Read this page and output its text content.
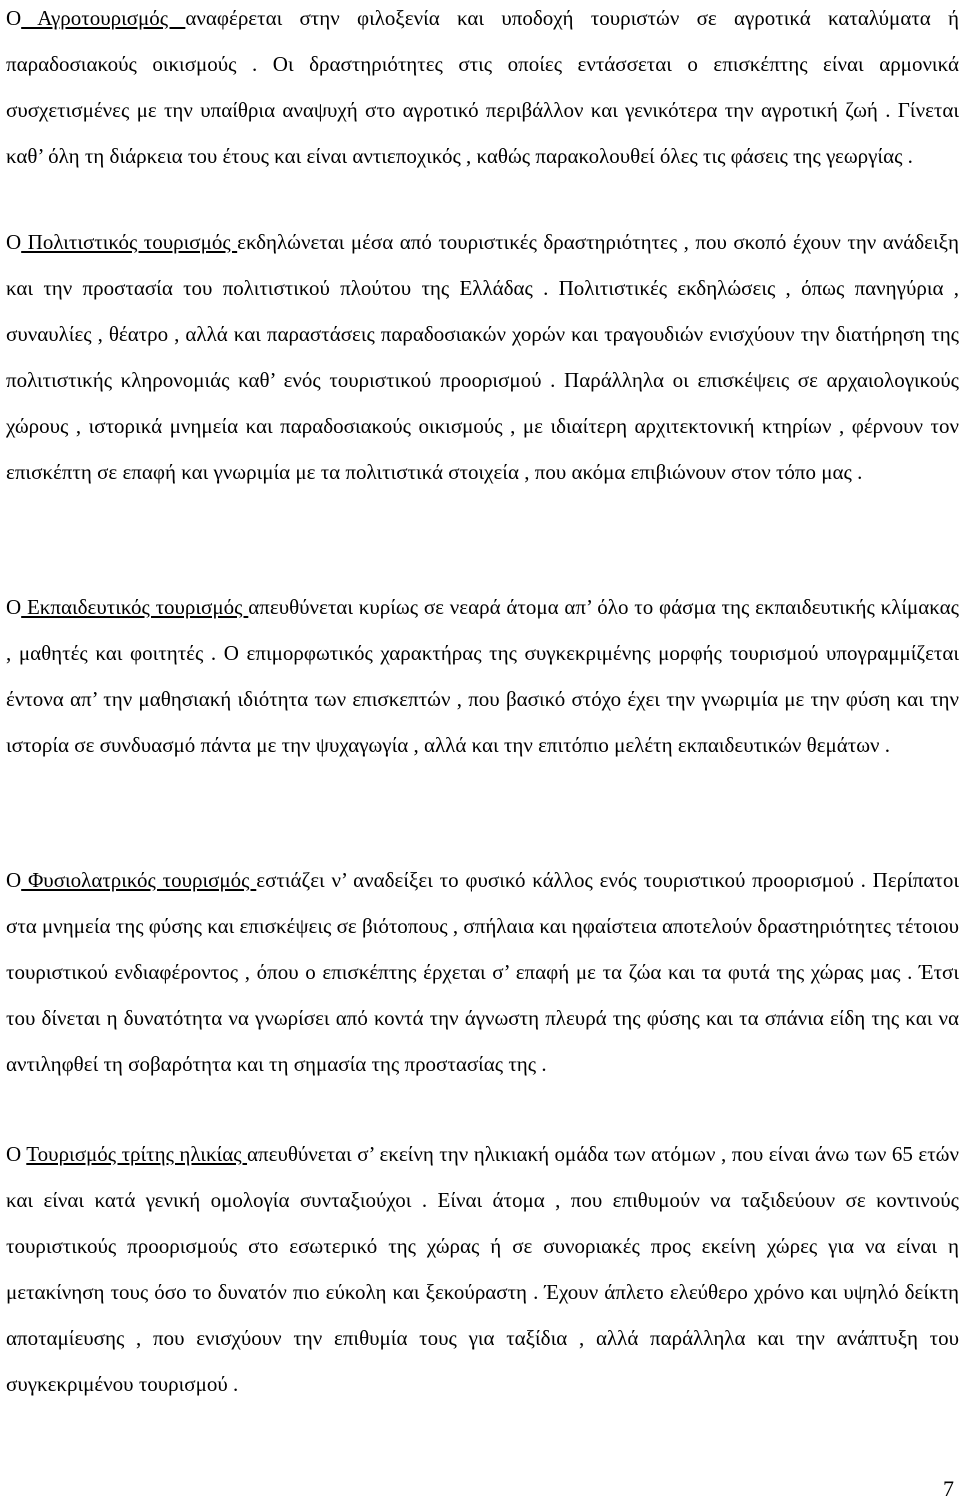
Ο Αγροτουρισμός αναφέρεται στην φιλοξενία και υποδοχή τουριστών σε αγροτικά καταλύματα ή παραδοσιακούς οικισμούς . Οι δραστηριότητες στις οποίες εντάσσεται ο επισκέπτης είναι αρμονικά συσχετισμένες με την υπαίθρια αναψυχή στο αγροτικό περιβάλλον και γενικότερα την αγροτική ζωή . Γίνεται καθ’ όλη τη διάρκεια του έτους και είναι αντιεποχικός , καθώς παρακολουθεί όλες τις φάσεις της γεωργίας .

Ο Πολιτιστικός τουρισμός εκδηλώνεται μέσα από τουριστικές δραστηριότητες , που σκοπό έχουν την ανάδειξη και την προστασία του πολιτιστικού πλούτου της Ελλάδας . Πολιτιστικές εκδηλώσεις , όπως πανηγύρια , συναυλίες , θέατρο , αλλά και παραστάσεις παραδοσιακών χορών και τραγουδιών ενισχύουν την διατήρηση της πολιτιστικής κληρονομιάς καθ’ ενός τουριστικού προορισμού . Παράλληλα οι επισκέψεις σε αρχαιολογικούς χώρους , ιστορικά μνημεία και παραδοσιακούς οικισμούς , με ιδιαίτερη αρχιτεκτονική κτηρίων , φέρνουν τον επισκέπτη σε επαφή και γνωριμία με τα πολιτιστικά στοιχεία , που ακόμα επιβιώνουν στον τόπο μας .

Ο Εκπαιδευτικός τουρισμός απευθύνεται κυρίως σε νεαρά άτομα απ’ όλο το φάσμα της εκπαιδευτικής κλίμακας , μαθητές και φοιτητές . Ο επιμορφωτικός χαρακτήρας της συγκεκριμένης μορφής τουρισμού υπογραμμίζεται έντονα απ’ την μαθησιακή ιδιότητα των επισκεπτών , που βασικό στόχο έχει την γνωριμία με την φύση και την ιστορία σε συνδυασμό πάντα με την ψυχαγωγία , αλλά και την επιτόπιο μελέτη εκπαιδευτικών θεμάτων .

Ο Φυσιολατρικός τουρισμός εστιάζει ν’ αναδείξει το φυσικό κάλλος ενός τουριστικού προορισμού . Περίπατοι στα μνημεία της φύσης και επισκέψεις σε βιότοπους , σπήλαια και ηφαίστεια αποτελούν δραστηριότητες τέτοιου τουριστικού ενδιαφέροντος , όπου ο επισκέπτης έρχεται σ’ επαφή με τα ζώα και τα φυτά της χώρας μας . Έτσι του δίνεται η δυνατότητα να γνωρίσει από κοντά την άγνωστη πλευρά της φύσης και τα σπάνια είδη της και να αντιληφθεί τη σοβαρότητα και τη σημασία της προστασίας της .

Ο Τουρισμός τρίτης ηλικίας απευθύνεται σ’ εκείνη την ηλικιακή ομάδα των ατόμων , που είναι άνω των 65 ετών και είναι κατά γενική ομολογία συνταξιούχοι . Είναι άτομα , που επιθυμούν να ταξιδεύουν σε κοντινούς τουριστικούς προορισμούς στο εσωτερικό της χώρας ή σε συνοριακές προς εκείνη χώρες για να είναι η μετακίνηση τους όσο το δυνατόν πιο εύκολη και ξεκούραστη . Έχουν άπλετο ελεύθερο χρόνο και υψηλό δείκτη αποταμίευσης , που ενισχύουν την επιθυμία τους για ταξίδια , αλλά παράλληλα και την ανάπτυξη του συγκεκριμένου τουρισμού .

7
